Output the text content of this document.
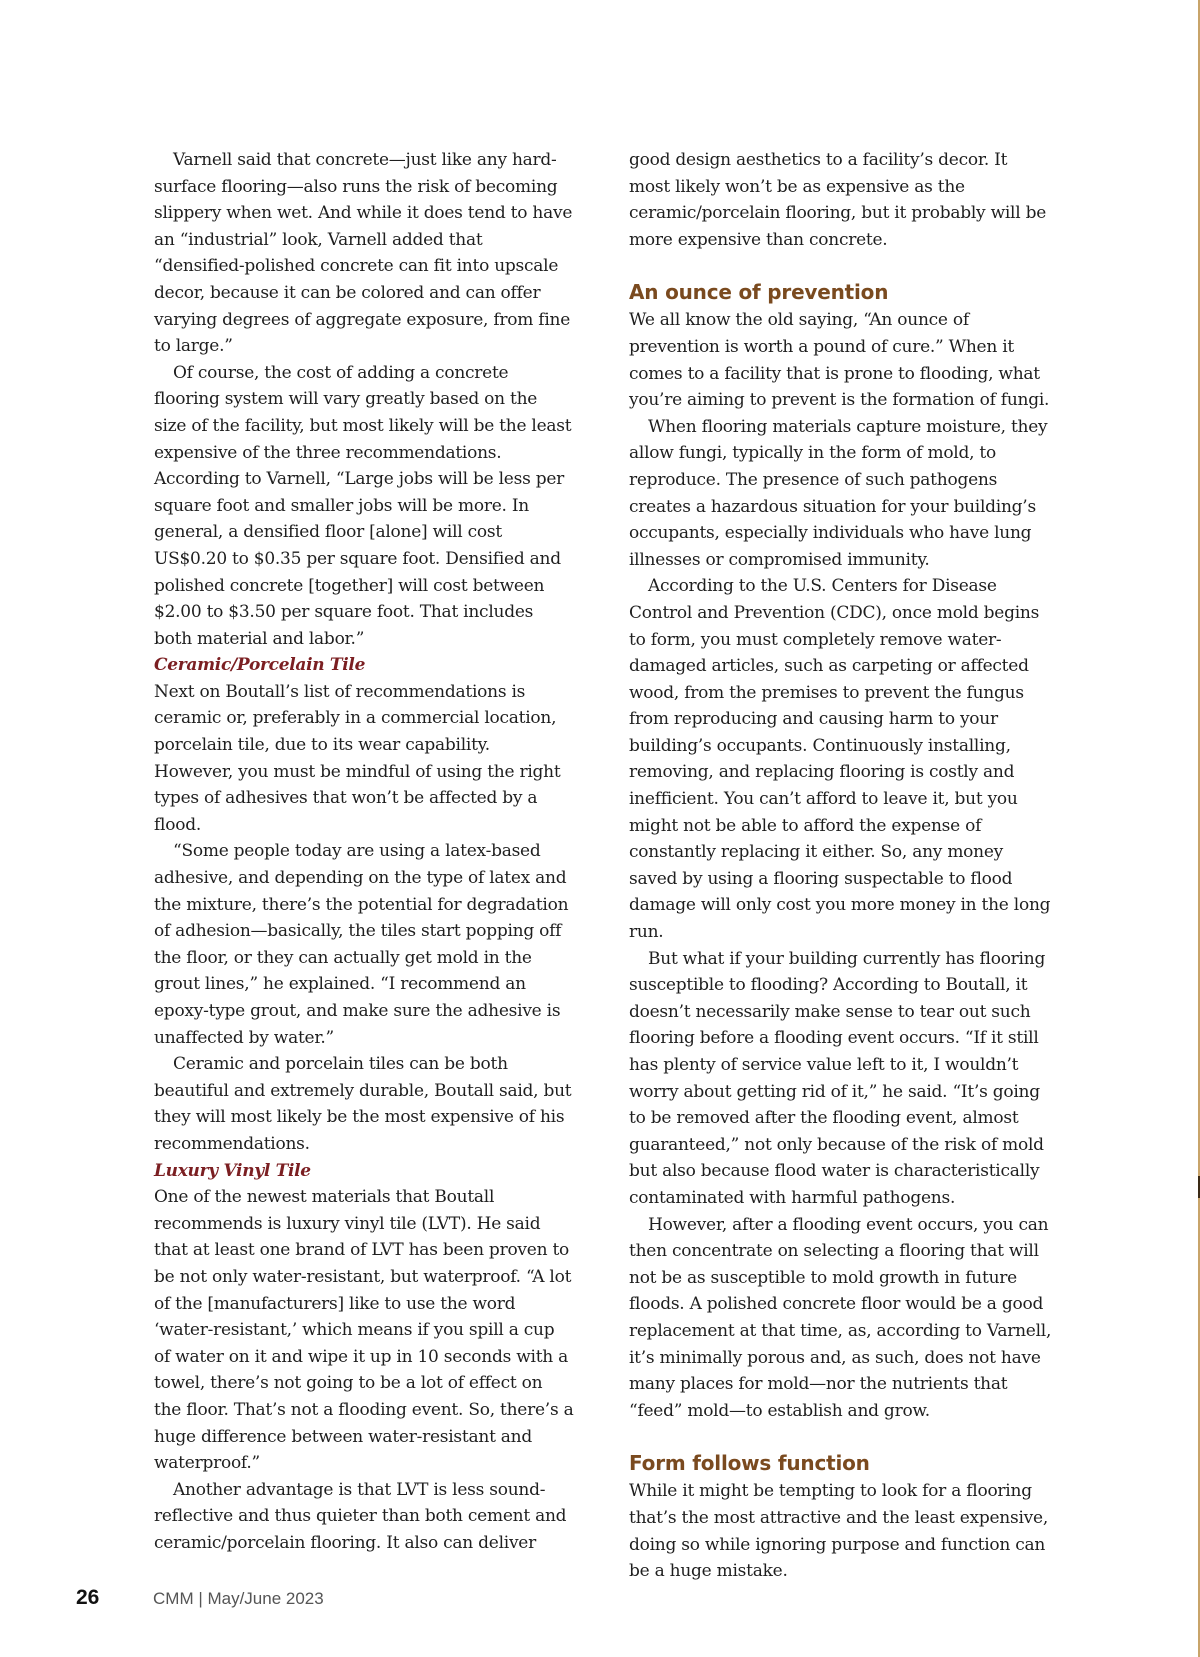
Varnell said that concrete—just like any hard-surface flooring—also runs the risk of becoming slippery when wet. And while it does tend to have an “industrial” look, Varnell added that “densified-polished concrete can fit into upscale decor, because it can be colored and can offer varying degrees of aggregate exposure, from fine to large.”

Of course, the cost of adding a concrete flooring system will vary greatly based on the size of the facility, but most likely will be the least expensive of the three recommendations. According to Varnell, “Large jobs will be less per square foot and smaller jobs will be more. In general, a densified floor [alone] will cost US$0.20 to $0.35 per square foot. Densified and polished concrete [together] will cost between $2.00 to $3.50 per square foot. That includes both material and labor.”

Ceramic/Porcelain Tile

Next on Boutall’s list of recommendations is ceramic or, preferably in a commercial location, porcelain tile, due to its wear capability. However, you must be mindful of using the right types of adhesives that won’t be affected by a flood.

“Some people today are using a latex-based adhesive, and depending on the type of latex and the mixture, there’s the potential for degradation of adhesion—basically, the tiles start popping off the floor, or they can actually get mold in the grout lines,” he explained. “I recommend an epoxy-type grout, and make sure the adhesive is unaffected by water.”

Ceramic and porcelain tiles can be both beautiful and extremely durable, Boutall said, but they will most likely be the most expensive of his recommendations.

Luxury Vinyl Tile

One of the newest materials that Boutall recommends is luxury vinyl tile (LVT). He said that at least one brand of LVT has been proven to be not only water-resistant, but waterproof. “A lot of the [manufacturers] like to use the word ‘water-resistant,’ which means if you spill a cup of water on it and wipe it up in 10 seconds with a towel, there’s not going to be a lot of effect on the floor. That’s not a flooding event. So, there’s a huge difference between water-resistant and waterproof.”

Another advantage is that LVT is less sound-reflective and thus quieter than both cement and ceramic/porcelain flooring. It also can deliver

good design aesthetics to a facility’s decor. It most likely won’t be as expensive as the ceramic/porcelain flooring, but it probably will be more expensive than concrete.

An ounce of prevention

We all know the old saying, “An ounce of prevention is worth a pound of cure.” When it comes to a facility that is prone to flooding, what you’re aiming to prevent is the formation of fungi.

When flooring materials capture moisture, they allow fungi, typically in the form of mold, to reproduce. The presence of such pathogens creates a hazardous situation for your building’s occupants, especially individuals who have lung illnesses or compromised immunity.

According to the U.S. Centers for Disease Control and Prevention (CDC), once mold begins to form, you must completely remove water-damaged articles, such as carpeting or affected wood, from the premises to prevent the fungus from reproducing and causing harm to your building’s occupants. Continuously installing, removing, and replacing flooring is costly and inefficient. You can’t afford to leave it, but you might not be able to afford the expense of constantly replacing it either. So, any money saved by using a flooring suspectable to flood damage will only cost you more money in the long run.

But what if your building currently has flooring susceptible to flooding? According to Boutall, it doesn’t necessarily make sense to tear out such flooring before a flooding event occurs. “If it still has plenty of service value left to it, I wouldn’t worry about getting rid of it,” he said. “It’s going to be removed after the flooding event, almost guaranteed,” not only because of the risk of mold but also because flood water is characteristically contaminated with harmful pathogens.

However, after a flooding event occurs, you can then concentrate on selecting a flooring that will not be as susceptible to mold growth in future floods. A polished concrete floor would be a good replacement at that time, as, according to Varnell, it’s minimally porous and, as such, does not have many places for mold—nor the nutrients that “feed” mold—to establish and grow.

Form follows function

While it might be tempting to look for a flooring that’s the most attractive and the least expensive, doing so while ignoring purpose and function can be a huge mistake.

26	CMM | May/June 2023
